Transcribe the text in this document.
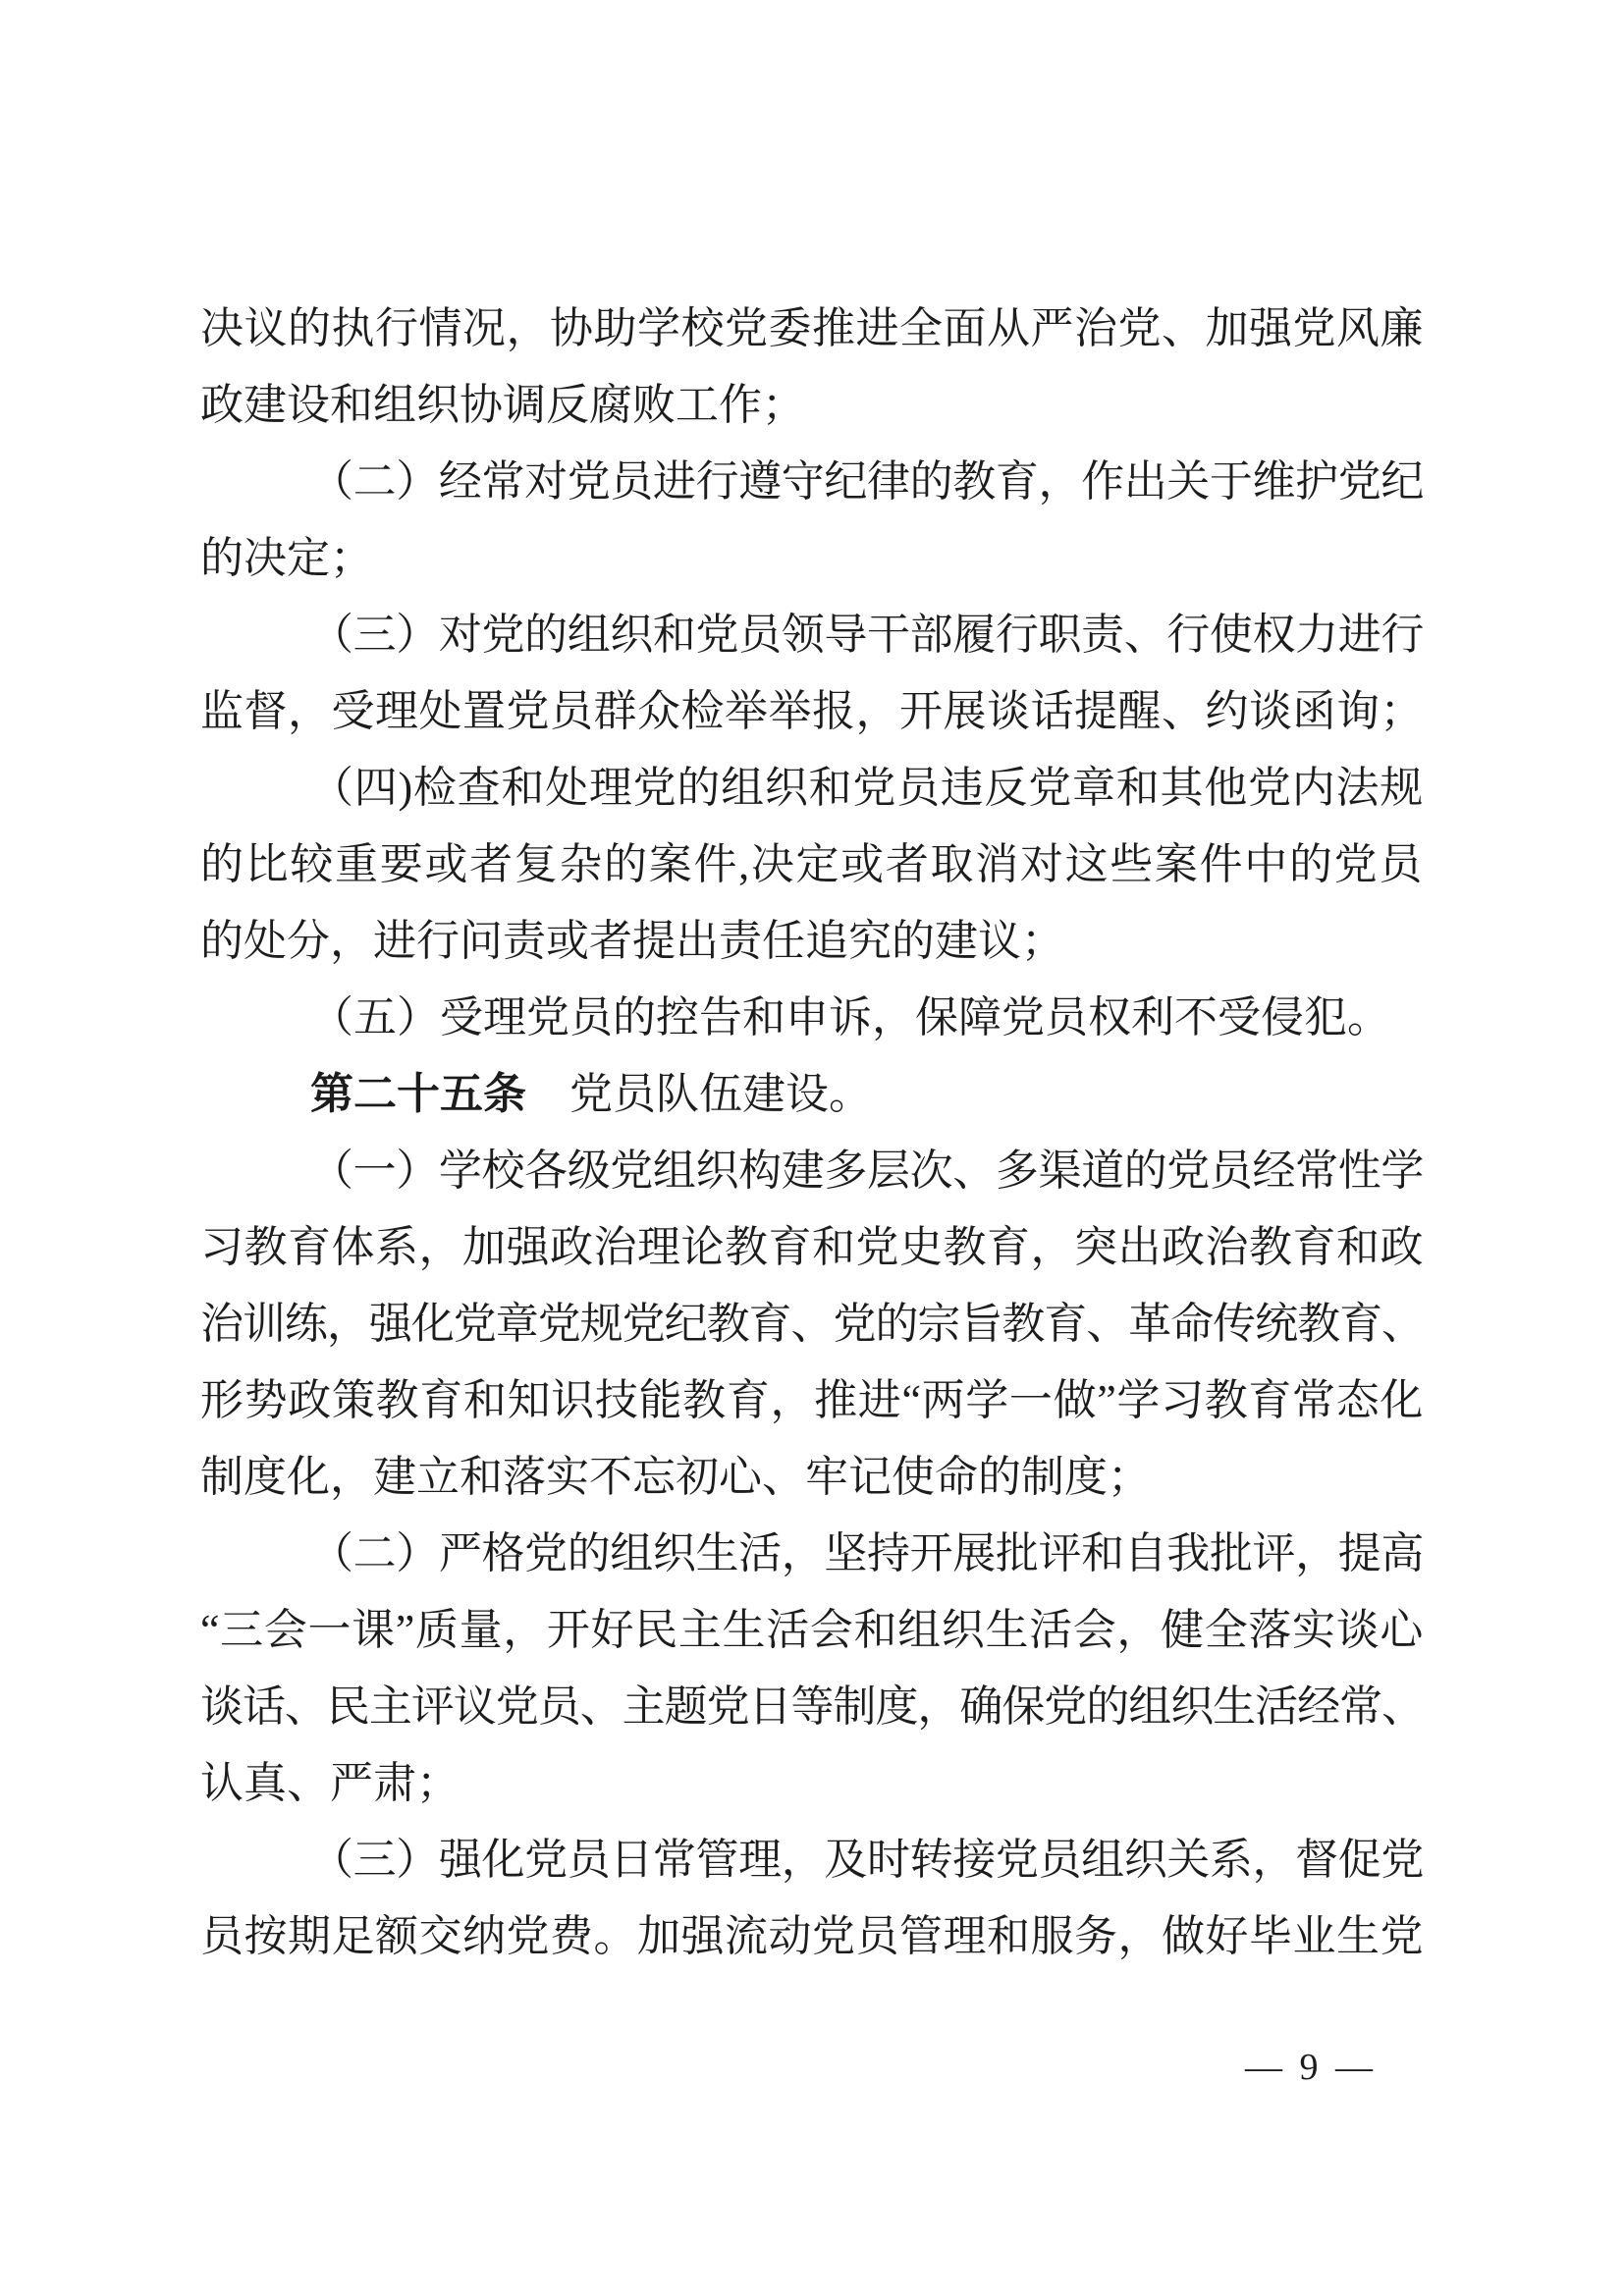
决议的执行情况，协助学校党委推进全面从严治党、加强党风廉
政建设和组织协调反腐败工作；
（二）经常对党员进行遵守纪律的教育，作出关于维护党纪
的决定；
（三）对党的组织和党员领导干部履行职责、行使权力进行
监督，受理处置党员群众检举举报，开展谈话提醒、约谈函询；
（四)检查和处理党的组织和党员违反党章和其他党内法规
的比较重要或者复杂的案件,决定或者取消对这些案件中的党员
的处分，进行问责或者提出责任追究的建议；
（五）受理党员的控告和申诉，保障党员权利不受侵犯。
第二十五条　党员队伍建设。
（一）学校各级党组织构建多层次、多渠道的党员经常性学
习教育体系，加强政治理论教育和党史教育，突出政治教育和政
治训练，强化党章党规党纪教育、党的宗旨教育、革命传统教育、
形势政策教育和知识技能教育，推进“两学一做”学习教育常态化
制度化，建立和落实不忘初心、牢记使命的制度；
（二）严格党的组织生活，坚持开展批评和自我批评，提高
“三会一课”质量，开好民主生活会和组织生活会，健全落实谈心
谈话、民主评议党员、主题党日等制度，确保党的组织生活经常、
认真、严肃；
（三）强化党员日常管理，及时转接党员组织关系，督促党
员按期足额交纳党费。加强流动党员管理和服务，做好毕业生党
— 9 —
